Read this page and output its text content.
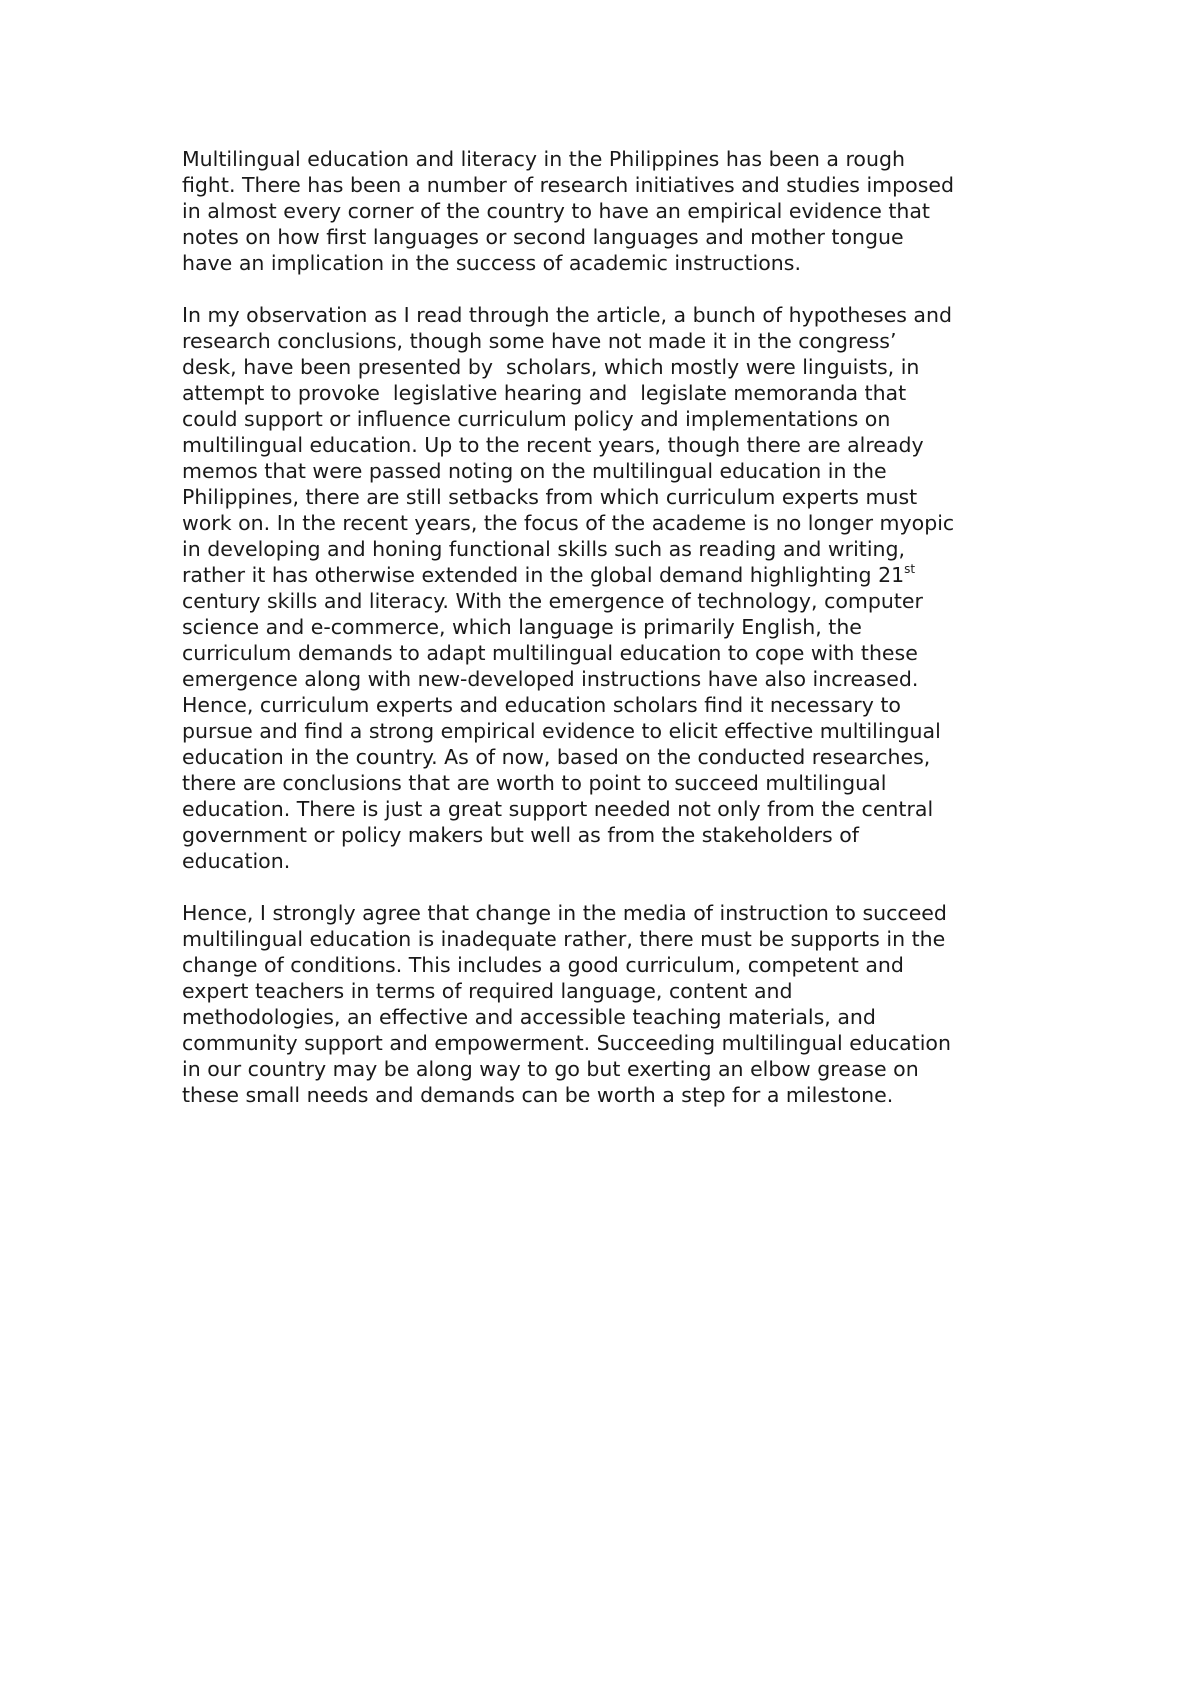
Multilingual education and literacy in the Philippines has been a rough
fight. There has been a number of research initiatives and studies imposed
in almost every corner of the country to have an empirical evidence that
notes on how first languages or second languages and mother tongue
have an implication in the success of academic instructions.
In my observation as I read through the article, a bunch of hypotheses and
research conclusions, though some have not made it in the congress’
desk, have been presented by  scholars, which mostly were linguists, in
attempt to provoke  legislative hearing and  legislate memoranda that
could support or influence curriculum policy and implementations on
multilingual education. Up to the recent years, though there are already
memos that were passed noting on the multilingual education in the
Philippines, there are still setbacks from which curriculum experts must
work on. In the recent years, the focus of the academe is no longer myopic
in developing and honing functional skills such as reading and writing,
rather it has otherwise extended in the global demand highlighting 21st
century skills and literacy. With the emergence of technology, computer
science and e-commerce, which language is primarily English, the
curriculum demands to adapt multilingual education to cope with these
emergence along with new-developed instructions have also increased.
Hence, curriculum experts and education scholars find it necessary to
pursue and find a strong empirical evidence to elicit effective multilingual
education in the country. As of now, based on the conducted researches,
there are conclusions that are worth to point to succeed multilingual
education. There is just a great support needed not only from the central
government or policy makers but well as from the stakeholders of
education.
Hence, I strongly agree that change in the media of instruction to succeed
multilingual education is inadequate rather, there must be supports in the
change of conditions. This includes a good curriculum, competent and
expert teachers in terms of required language, content and
methodologies, an effective and accessible teaching materials, and
community support and empowerment. Succeeding multilingual education
in our country may be along way to go but exerting an elbow grease on
these small needs and demands can be worth a step for a milestone.
